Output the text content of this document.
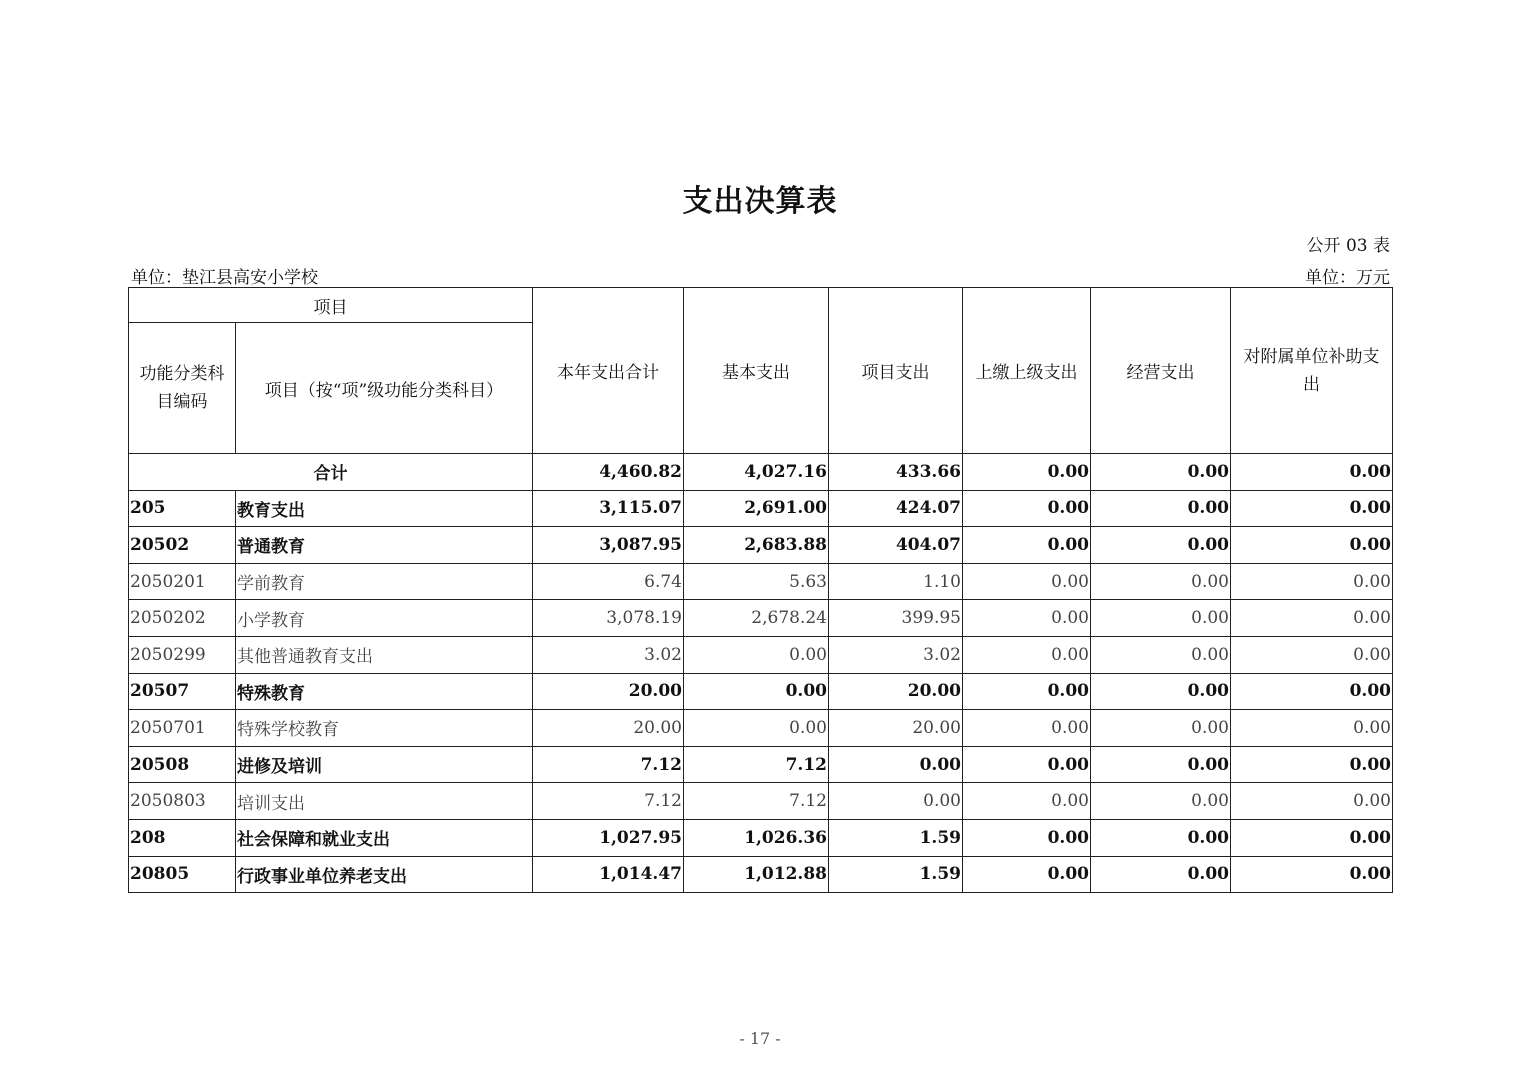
支出决算表
公开 03 表
单位：垫江县高安小学校	单位：万元
项目		本年支出合计	基本支出	项目支出	上缴上级支出	经营支出	对附属单位补助支出
功能分类科目编码	项目（按“项”级功能分类科目）						
合计		4,460.82	4,027.16	433.66	0.00	0.00	0.00
205	教育支出	3,115.07	2,691.00	424.07	0.00	0.00	0.00
20502	普通教育	3,087.95	2,683.88	404.07	0.00	0.00	0.00
2050201	学前教育	6.74	5.63	1.10	0.00	0.00	0.00
2050202	小学教育	3,078.19	2,678.24	399.95	0.00	0.00	0.00
2050299	其他普通教育支出	3.02	0.00	3.02	0.00	0.00	0.00
20507	特殊教育	20.00	0.00	20.00	0.00	0.00	0.00
2050701	特殊学校教育	20.00	0.00	20.00	0.00	0.00	0.00
20508	进修及培训	7.12	7.12	0.00	0.00	0.00	0.00
2050803	培训支出	7.12	7.12	0.00	0.00	0.00	0.00
208	社会保障和就业支出	1,027.95	1,026.36	1.59	0.00	0.00	0.00
20805	行政事业单位养老支出	1,014.47	1,012.88	1.59	0.00	0.00	0.00
- 17 -
